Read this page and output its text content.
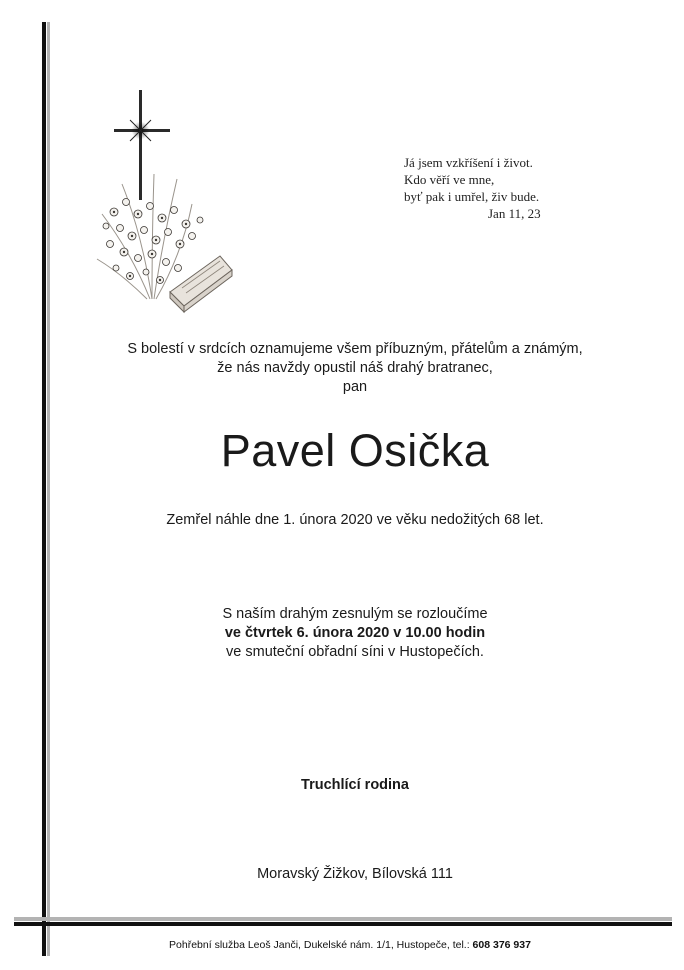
Já jsem vzkříšení i život.
Kdo věří ve mne,
byť pak i umřel, živ bude.
Jan 11, 23
S bolestí v srdcích oznamujeme všem příbuzným, přátelům a známým,
že nás navždy opustil náš drahý bratranec,
pan
Pavel Osička
Zemřel náhle dne 1. února 2020 ve věku nedožitých 68 let.
S naším drahým zesnulým se rozloučíme
ve čtvrtek 6. února 2020 v 10.00 hodin
ve smuteční obřadní síni v Hustopečích.
Truchlící rodina
Moravský Žižkov, Bílovská 111
Pohřební služba Leoš Janči, Dukelské nám. 1/1, Hustopeče, tel.: 608 376 937
